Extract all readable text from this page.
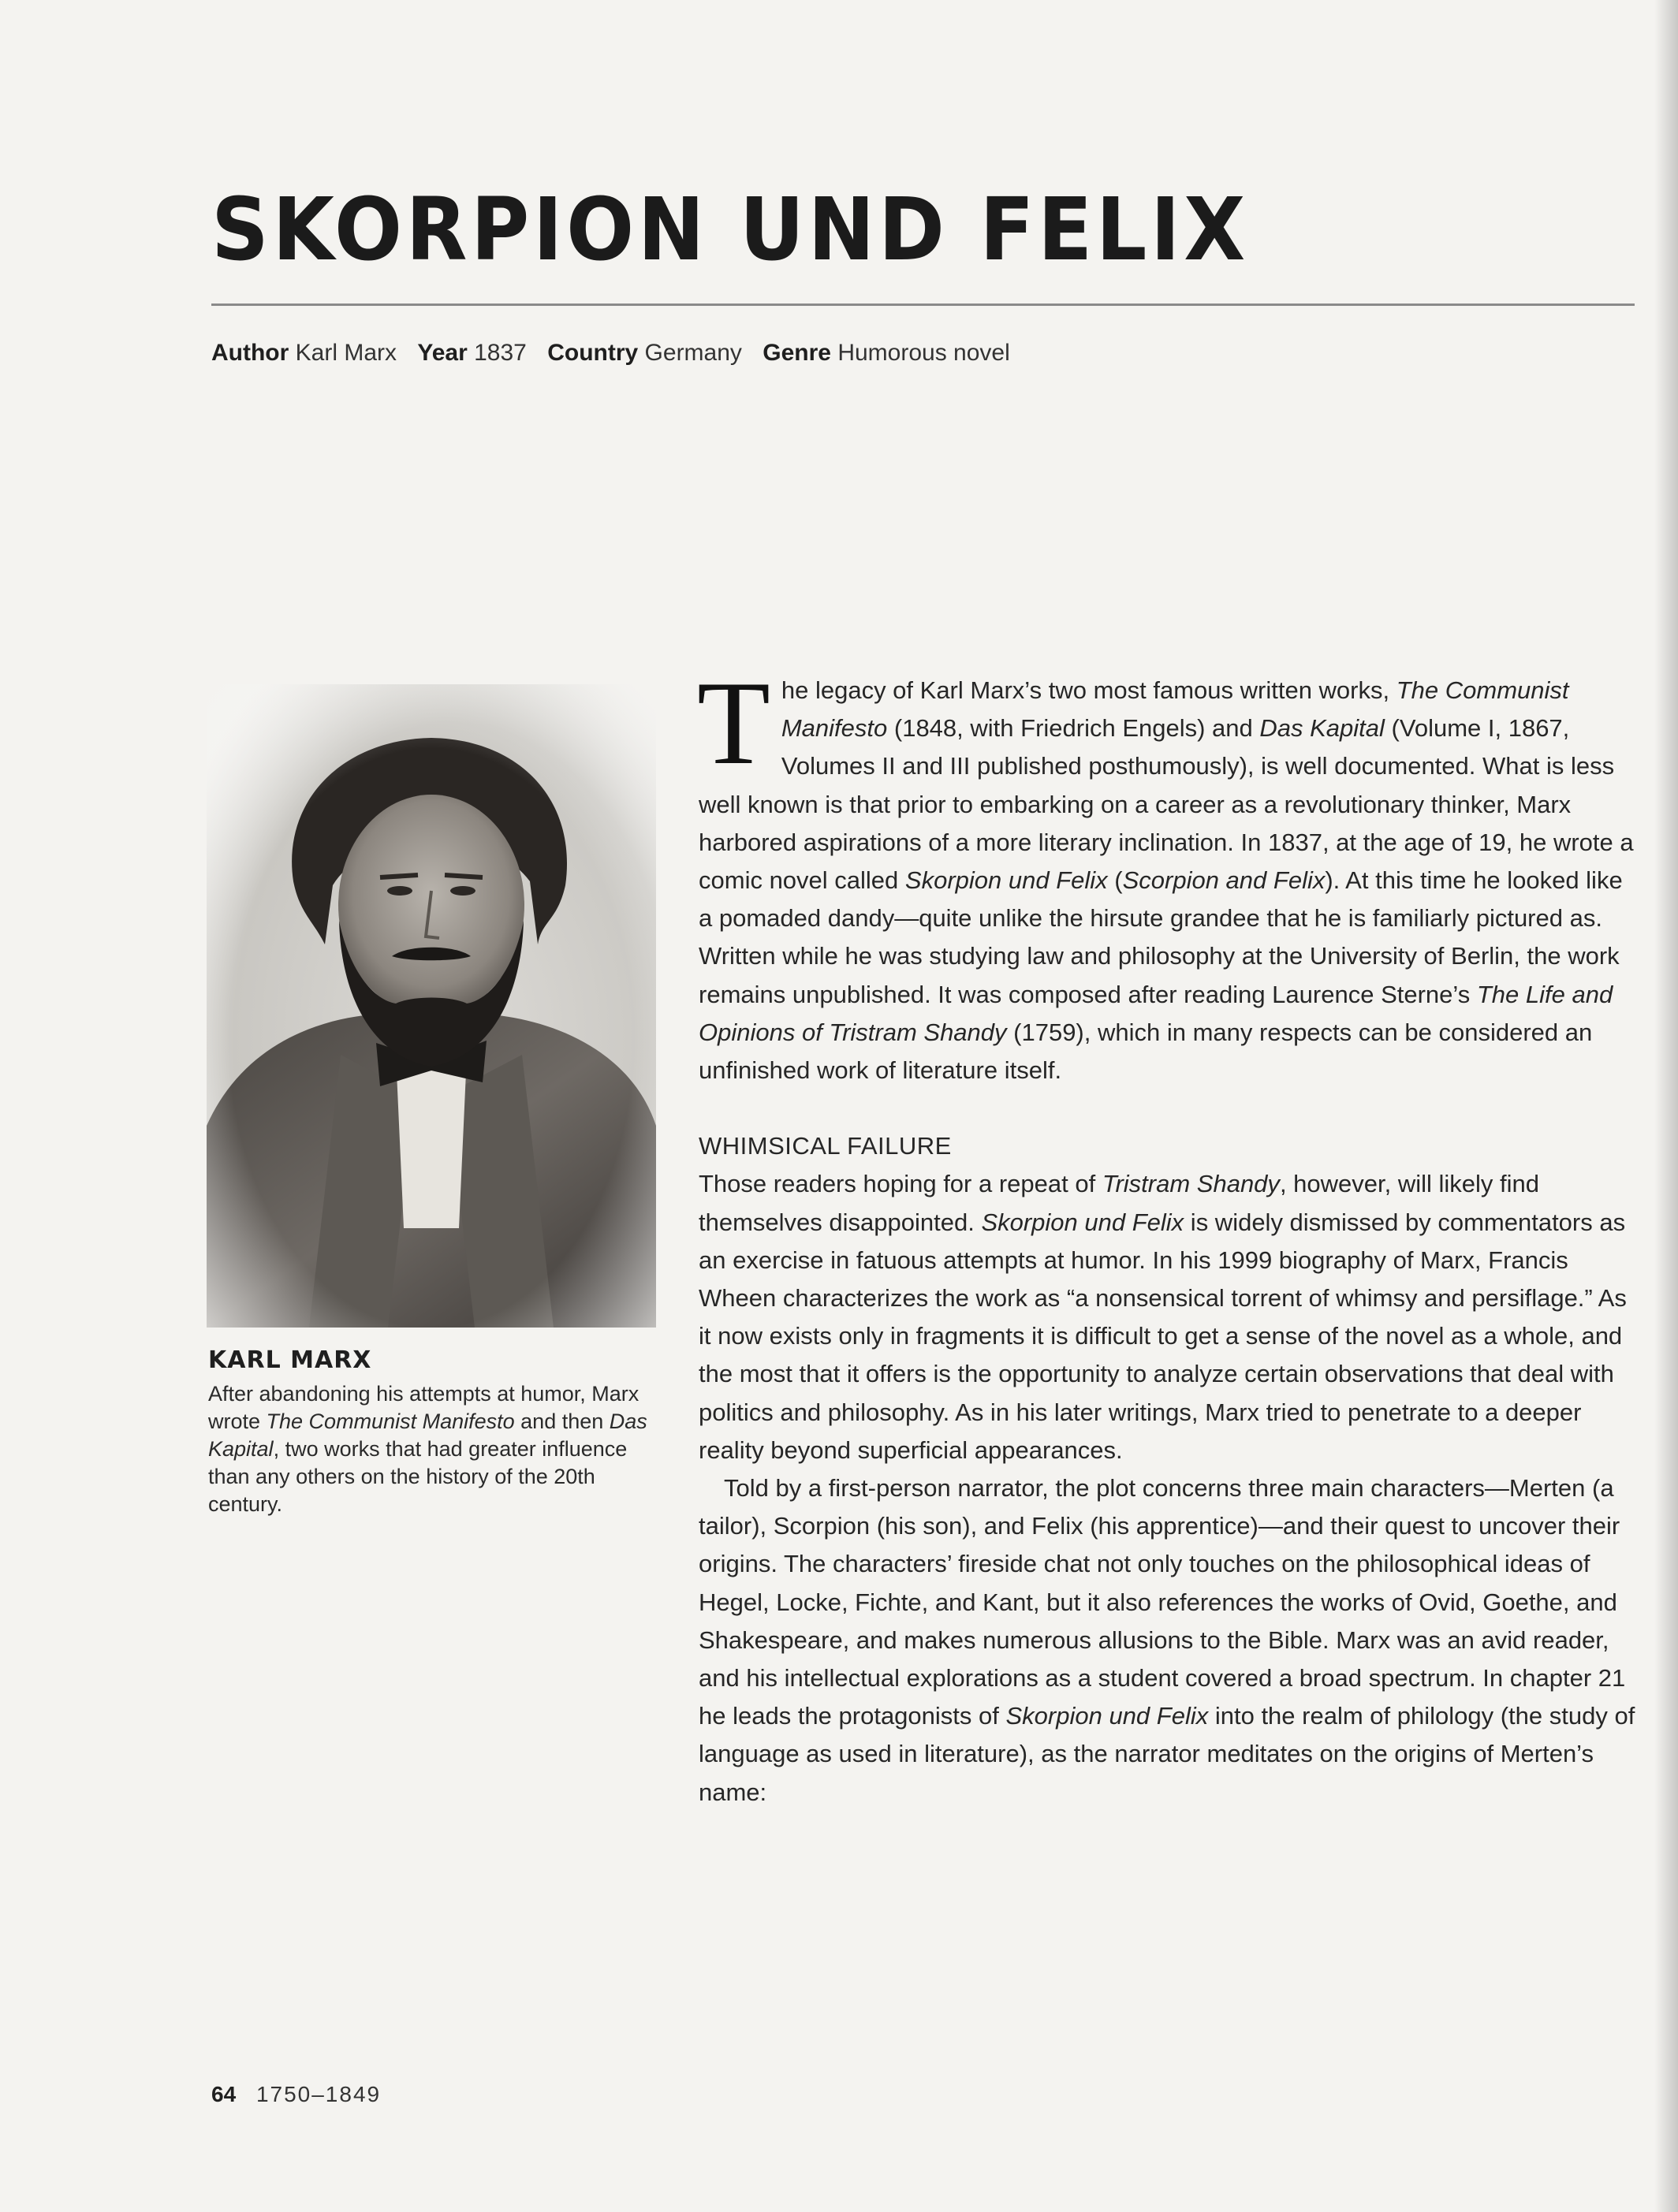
SKORPION UND FELIX
Author Karl Marx Year 1837 Country Germany Genre Humorous novel
KARL MARX
After abandoning his attempts at humor, Marx wrote The Communist Manifesto and then Das Kapital, two works that had greater influence than any others on the history of the 20th century.

The legacy of Karl Marx’s two most famous written works, The Communist Manifesto (1848, with Friedrich Engels) and Das Kapital (Volume I, 1867, Volumes II and III published posthumously), is well documented. What is less well known is that prior to embarking on a career as a revolutionary thinker, Marx harbored aspirations of a more literary inclination. In 1837, at the age of 19, he wrote a comic novel called Skorpion und Felix (Scorpion and Felix). At this time he looked like a pomaded dandy—quite unlike the hirsute grandee that he is familiarly pictured as. Written while he was studying law and philosophy at the University of Berlin, the work remains unpublished. It was composed after reading Laurence Sterne’s The Life and Opinions of Tristram Shandy (1759), which in many respects can be considered an unfinished work of literature itself.

WHIMSICAL FAILURE

Those readers hoping for a repeat of Tristram Shandy, however, will likely find themselves disappointed. Skorpion und Felix is widely dismissed by commentators as an exercise in fatuous attempts at humor. In his 1999 biography of Marx, Francis Wheen characterizes the work as “a nonsensical torrent of whimsy and persiflage.” As it now exists only in fragments it is difficult to get a sense of the novel as a whole, and the most that it offers is the opportunity to analyze certain observations that deal with politics and philosophy. As in his later writings, Marx tried to penetrate to a deeper reality beyond superficial appearances.

Told by a first-person narrator, the plot concerns three main characters—Merten (a tailor), Scorpion (his son), and Felix (his apprentice)—and their quest to uncover their origins. The characters’ fireside chat not only touches on the philosophical ideas of Hegel, Locke, Fichte, and Kant, but it also references the works of Ovid, Goethe, and Shakespeare, and makes numerous allusions to the Bible. Marx was an avid reader, and his intellectual explorations as a student covered a broad spectrum. In chapter 21 he leads the protagonists of Skorpion und Felix into the realm of philology (the study of language as used in literature), as the narrator meditates on the origins of Merten’s name:

64 1750–1849
